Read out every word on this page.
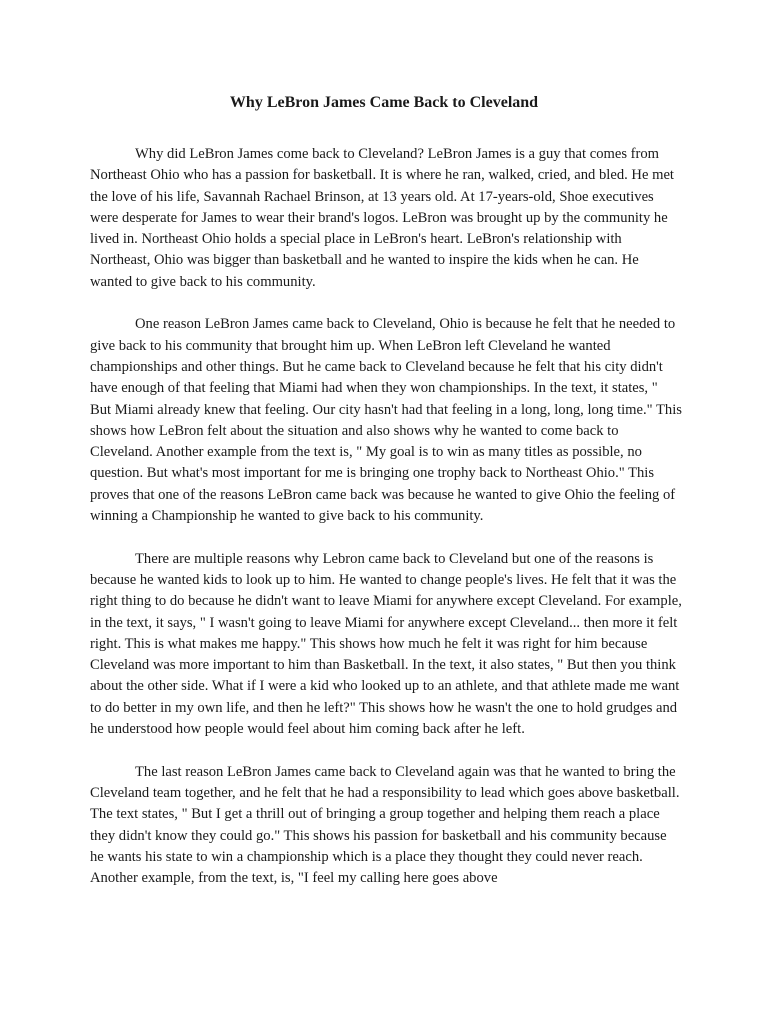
Why LeBron James Came Back to Cleveland

Why did LeBron James come back to Cleveland? LeBron James is a guy that comes from Northeast Ohio who has a passion for basketball. It is where he ran, walked, cried, and bled. He met the love of his life, Savannah Rachael Brinson, at 13 years old. At 17-years-old, Shoe executives were desperate for James to wear their brand's logos. LeBron was brought up by the community he lived in. Northeast Ohio holds a special place in LeBron's heart. LeBron's relationship with Northeast, Ohio was bigger than basketball and he wanted to inspire the kids when he can. He wanted to give back to his community.

One reason LeBron James came back to Cleveland, Ohio is because he felt that he needed to give back to his community that brought him up. When LeBron left Cleveland he wanted championships and other things. But he came back to Cleveland because he felt that his city didn't have enough of that feeling that Miami had when they won championships. In the text, it states, " But Miami already knew that feeling. Our city hasn't had that feeling in a long, long, long time." This shows how LeBron felt about the situation and also shows why he wanted to come back to Cleveland. Another example from the text is, " My goal is to win as many titles as possible, no question. But what's most important for me is bringing one trophy back to Northeast Ohio." This proves that one of the reasons LeBron came back was because he wanted to give Ohio the feeling of winning a Championship he wanted to give back to his community.

There are multiple reasons why Lebron came back to Cleveland but one of the reasons is because he wanted kids to look up to him. He wanted to change people's lives. He felt that it was the right thing to do because he didn't want to leave Miami for anywhere except Cleveland. For example, in the text, it says, " I wasn't going to leave Miami for anywhere except Cleveland... then more it felt right. This is what makes me happy." This shows how much he felt it was right for him because Cleveland was more important to him than Basketball. In the text, it also states, " But then you think about the other side. What if I were a kid who looked up to an athlete, and that athlete made me want to do better in my own life, and then he left?" This shows how he wasn't the one to hold grudges and he understood how people would feel about him coming back after he left.

The last reason LeBron James came back to Cleveland again was that he wanted to bring the Cleveland team together, and he felt that he had a responsibility to lead which goes above basketball. The text states, " But I get a thrill out of bringing a group together and helping them reach a place they didn't know they could go." This shows his passion for basketball and his community because he wants his state to win a championship which is a place they thought they could never reach. Another example, from the text, is, "I feel my calling here goes above
